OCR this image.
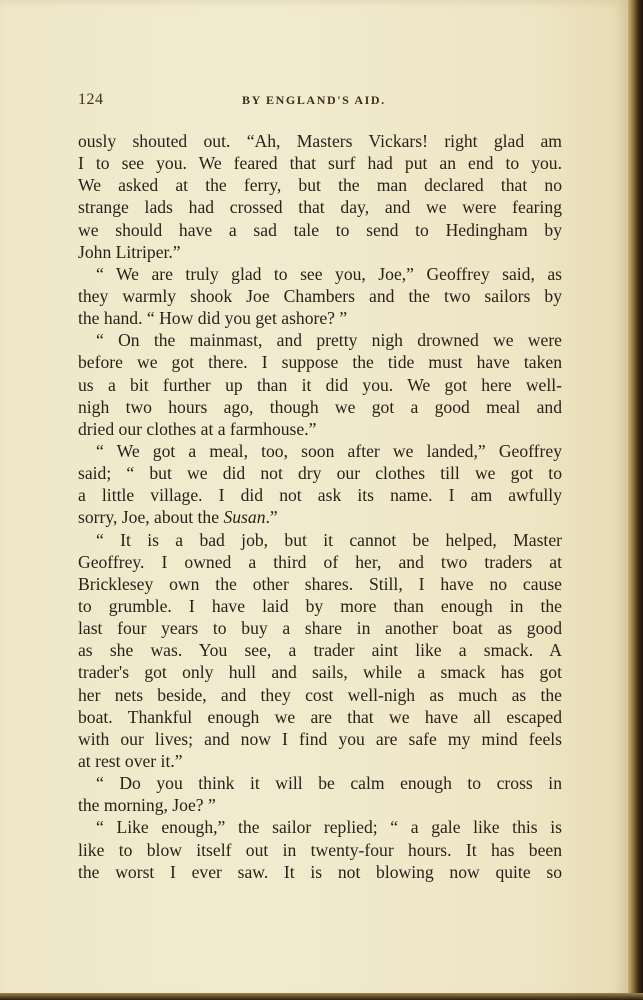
124	BY ENGLAND'S AID.
ously shouted out. “Ah, Masters Vickars! right glad am
I to see you. We feared that surf had put an end to you.
We asked at the ferry, but the man declared that no
strange lads had crossed that day, and we were fearing
we should have a sad tale to send to Hedingham by
John Litriper.”
“ We are truly glad to see you, Joe,” Geoffrey said, as
they warmly shook Joe Chambers and the two sailors by
the hand. “ How did you get ashore? ”
“ On the mainmast, and pretty nigh drowned we were
before we got there. I suppose the tide must have taken
us a bit further up than it did you. We got here well-
nigh two hours ago, though we got a good meal and
dried our clothes at a farmhouse.”
“ We got a meal, too, soon after we landed,” Geoffrey
said; “ but we did not dry our clothes till we got to
a little village. I did not ask its name. I am awfully
sorry, Joe, about the Susan.”
“ It is a bad job, but it cannot be helped, Master
Geoffrey. I owned a third of her, and two traders at
Bricklesey own the other shares. Still, I have no cause
to grumble. I have laid by more than enough in the
last four years to buy a share in another boat as good
as she was. You see, a trader aint like a smack. A
trader's got only hull and sails, while a smack has got
her nets beside, and they cost well-nigh as much as the
boat. Thankful enough we are that we have all escaped
with our lives; and now I find you are safe my mind feels
at rest over it.”
“ Do you think it will be calm enough to cross in
the morning, Joe? ”
“ Like enough,” the sailor replied; “ a gale like this is
like to blow itself out in twenty-four hours. It has been
the worst I ever saw. It is not blowing now quite so
